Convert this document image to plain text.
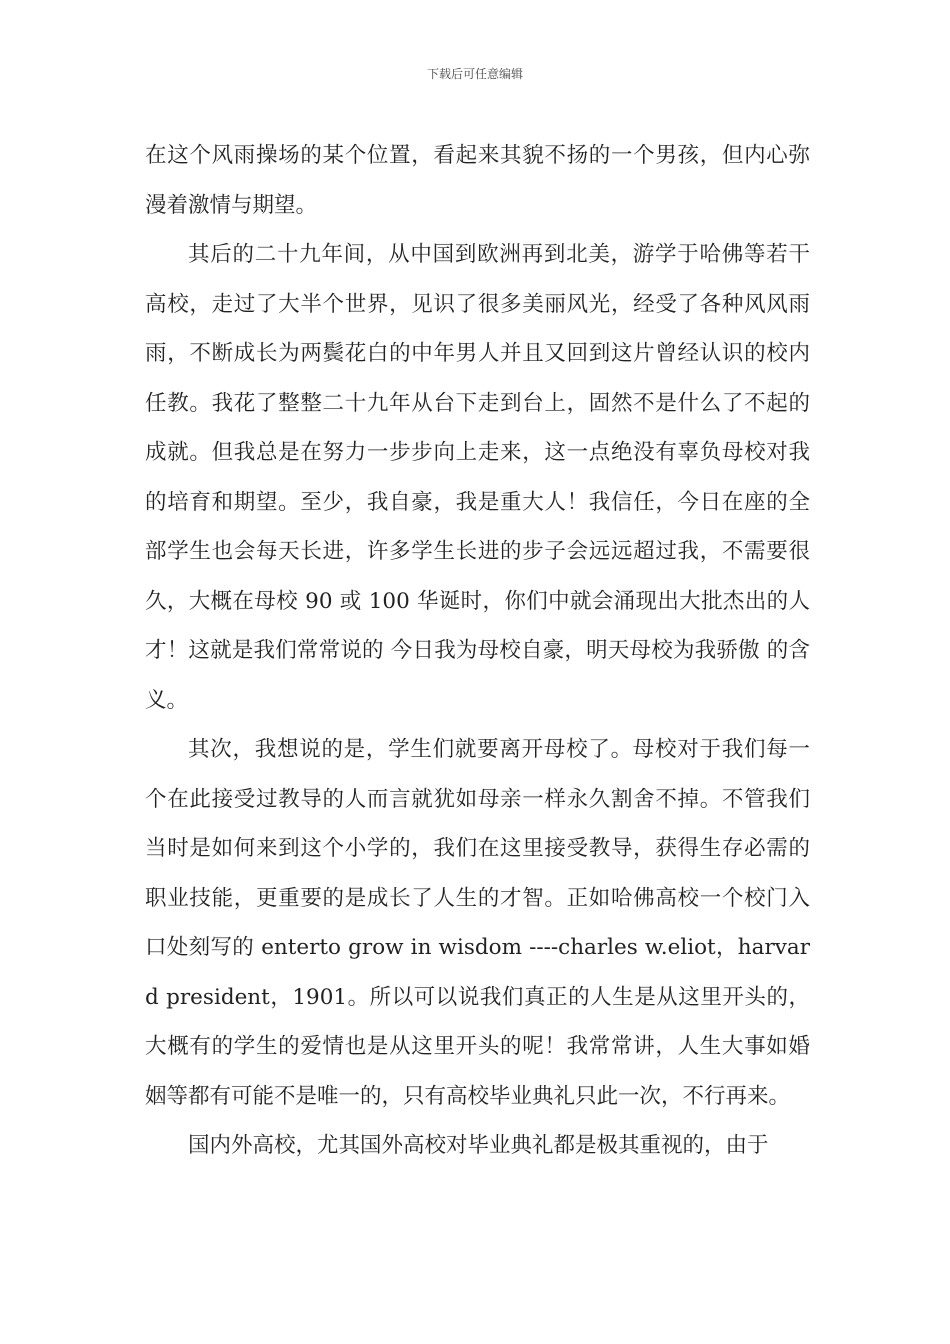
下载后可任意编辑

在这个风雨操场的某个位置，看起来其貌不扬的一个男孩，但内心弥漫着激情与期望。

其后的二十九年间，从中国到欧洲再到北美，游学于哈佛等若干高校，走过了大半个世界，见识了很多美丽风光，经受了各种风风雨雨，不断成长为两鬓花白的中年男人并且又回到这片曾经认识的校内任教。我花了整整二十九年从台下走到台上，固然不是什么了不起的成就。但我总是在努力一步步向上走来，这一点绝没有辜负母校对我的培育和期望。至少，我自豪，我是重大人！我信任，今日在座的全部学生也会每天长进，许多学生长进的步子会远远超过我，不需要很久，大概在母校 90 或 100 华诞时，你们中就会涌现出大批杰出的人才！这就是我们常常说的 今日我为母校自豪，明天母校为我骄傲 的含义。

其次，我想说的是，学生们就要离开母校了。母校对于我们每一个在此接受过教导的人而言就犹如母亲一样永久割舍不掉。不管我们当时是如何来到这个小学的，我们在这里接受教导，获得生存必需的职业技能，更重要的是成长了人生的才智。正如哈佛高校一个校门入口处刻写的 enterto grow in wisdom ----charles w.eliot，harvard president，1901。所以可以说我们真正的人生是从这里开头的，大概有的学生的爱情也是从这里开头的呢！我常常讲，人生大事如婚姻等都有可能不是唯一的，只有高校毕业典礼只此一次，不行再来。

国内外高校，尤其国外高校对毕业典礼都是极其重视的，由于
